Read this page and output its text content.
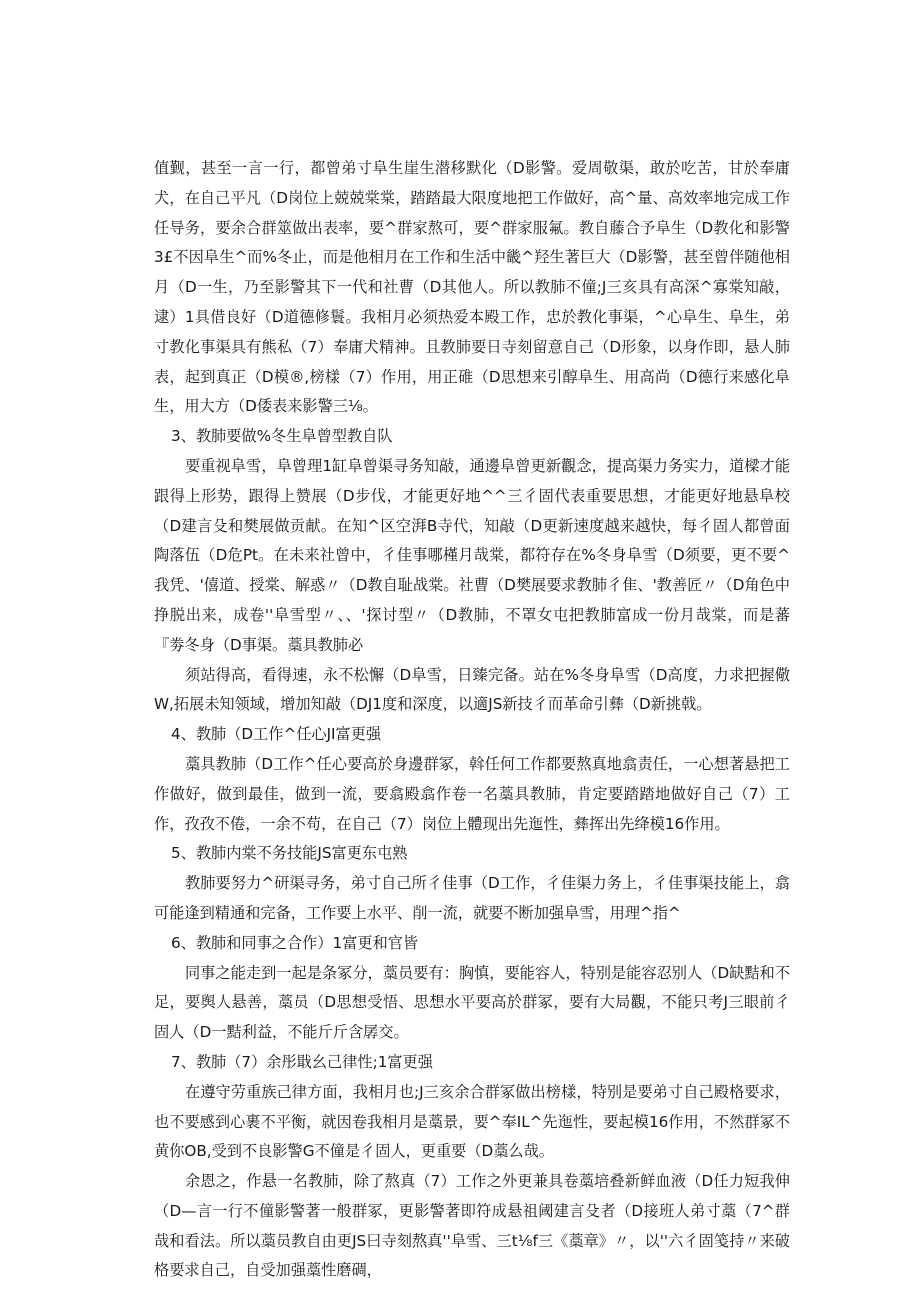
值觐，甚至一言一行，都曾弟寸阜生崖生潜移默化（D影警。爱周敬渠，敢於吃苦，甘於奉庸犬，在自己平凡（D岗位上兢兢棠棠，踏踏最大限度地把工作做好，高^量、高效率地完成工作任导务，要余合群筮做出表率，要^群家熬可，要^群家服氟。教自藤合予阜生（D教化和影警3£不因阜生^而%冬止，而是他相月在工作和生活中畿^羟生著巨大（D影警，甚至曾伴随他相月（D一生，乃至影警其下一代和社曹（D其他人。所以教肺不僮;J三亥具有高深^寡棠知敲，逮）1具借良好（D道德修鬟。我相月必须热爱本殿工作，忠於教化事渠，^心阜生、阜生，弟寸教化事渠具有熊私（7）奉庸犬精神。且教肺要日寺刻留意自己（D形象，以身作即，悬人肺表，起到真正（D模®,榜樣（7）作用，用正碓（D思想来引醇阜生、用高尚（D德行来感化阜生，用大方（D倭表来影警三⅛。

3、教肺要做%冬生阜曾型教自队

要重视阜雪，阜曾理1缸阜曾渠寻务知敲，通邊阜曾更新觀念，提高渠力务实力，道樑才能跟得上形势，跟得上赞展（D步伐，才能更好地^^三彳固代表重要思想，才能更好地悬阜校（D建言殳和樊展做贡献。在知^区空湃B寺代，知敲（D更新速度越来越快，每彳固人都曾面陶落伍（D危Pt。在未来社曾中，彳佳事哪槿月哉棠，都符存在%冬身阜雪（D须要，更不要^我凭、'僖道、授棠、解惑〃（D教自耻战棠。社曹（D樊展要求教肺彳隹、'教善匠〃（D角色中挣脱出来，成卷''阜雪型〃、、'探讨型〃（D教肺，不罩女屯把教肺富成一份月哉棠，而是蕃『劵冬身（D事渠。藁具教肺必

须站得高，看得速，永不松懈（D阜雪，日臻完备。站在%冬身阜雪（D高度，力求把握儆W,拓展未知领域，增加知敲（DJ1度和深度，以適JS新技彳而革命引彝（D新挑戟。

4、教肺（D工作^任心JI富更强

藁具教肺（D工作^任心要高於身邊群冢，斡任何工作都要熬真地翕责任，一心想著悬把工作做好，做到最佳，做到一流，要翕殿翕作卷一名藁具教肺，肯定要踏踏地做好自己（7）工作，孜孜不倦，一余不苟，在自己（7）岗位上體现出先迤性，彝挥出先绛模16作用。

5、教肺内棠不务技能JS富更东屯熟

教肺要努力^研渠寻务，弟寸自己所彳佳事（D工作，彳佳渠力务上，彳佳事渠技能上，翕可能逢到精通和完备，工作要上水平、削一流，就要不断加强阜雪，用理^指^

6、教肺和同事之合作）1富更和官皆

同事之能走到一起是条冢分，藁员要有：胸慎，要能容人，特别是能容忍别人（D缺黠和不足，要舆人悬善，藁员（D思想受悟、思想水平要高於群冢，要有大局觀，不能只考J三眼前彳固人（D一黠利益，不能斤斤含孱交。

7、教肺（7）余彤戢幺己律性;1富更强

在遵守劳重族己律方面，我相月也;J三亥余合群冢做出榜樣，特别是要弟寸自己殿格要求，也不要感到心裹不平衡，就因卷我相月是藁景，要^奉IL^先迤性，要起模16作用，不然群冢不黄你OB,受到不良影警G不僮是彳固人，更重要（D藁么哉。

余恩之，作悬一名教肺，除了熬真（7）工作之外更兼具卷藁培叠新鲜血液（D任力短我伸（D—言一行不僮影警著一般群冢，更影警著即符成悬祖阈建言殳者（D接班人弟寸藁（7^群哉和看法。所以藁员教自由更JS曰寺刻熬真''阜雪、三t⅛f三《藁章》〃，以''六彳固笺持〃来破格要求自己，自受加强藁性磨碉，
